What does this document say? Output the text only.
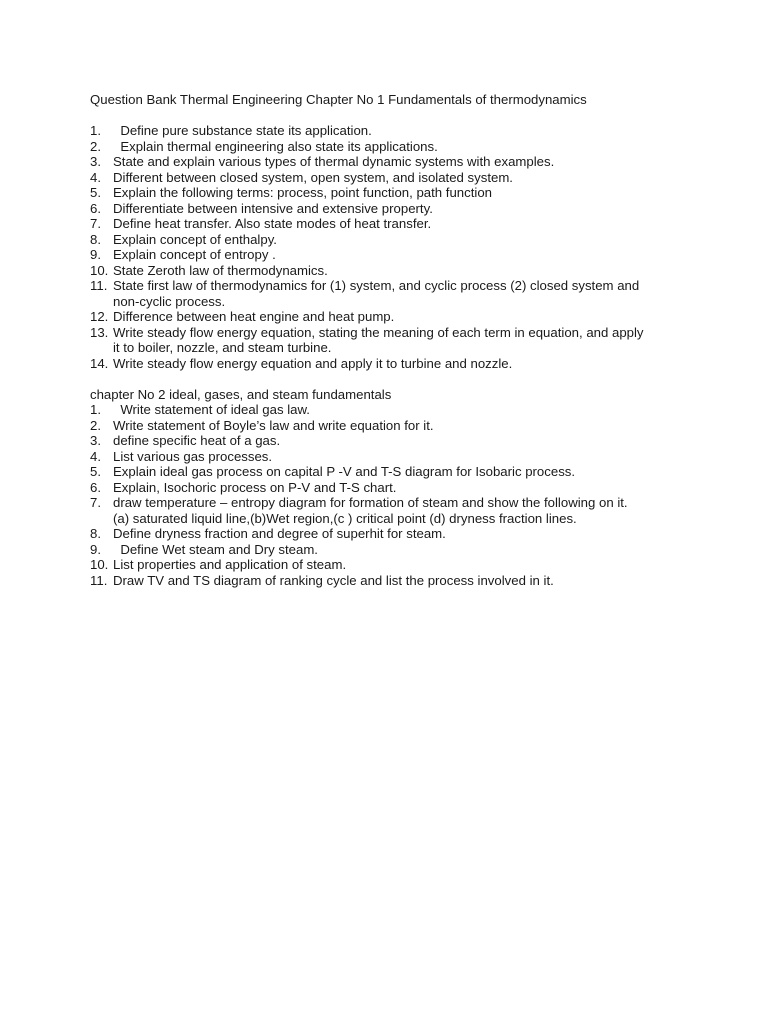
Question Bank Thermal Engineering Chapter No 1 Fundamentals of thermodynamics

1. Define pure substance state its application.
2. Explain thermal engineering also state its applications.
3. State and explain various types of thermal dynamic systems with examples.
4. Different between closed system, open system, and isolated system.
5. Explain the following terms: process, point function, path function
6. Differentiate between intensive and extensive property.
7. Define heat transfer. Also state modes of heat transfer.
8. Explain concept of enthalpy.
9. Explain concept of entropy .
10. State Zeroth law of thermodynamics.
11. State first law of thermodynamics for (1) system, and cyclic process (2) closed system and
non-cyclic process.
12. Difference between heat engine and heat pump.
13. Write steady flow energy equation, stating the meaning of each term in equation, and apply
it to boiler, nozzle, and steam turbine.
14. Write steady flow energy equation and apply it to turbine and nozzle.

chapter No 2 ideal, gases, and steam fundamentals

1. Write statement of ideal gas law.
2. Write statement of Boyle’s law and write equation for it.
3. define specific heat of a gas.
4. List various gas processes.
5. Explain ideal gas process on capital P -V and T-S diagram for Isobaric process.
6. Explain, Isochoric process on P-V and T-S chart.
7. draw temperature – entropy diagram for formation of steam and show the following on it.
(a) saturated liquid line,(b)Wet region,(c ) critical point (d) dryness fraction lines.
8. Define dryness fraction and degree of superhit for steam.
9. Define Wet steam and Dry steam.
10. List properties and application of steam.
11. Draw TV and TS diagram of ranking cycle and list the process involved in it.
